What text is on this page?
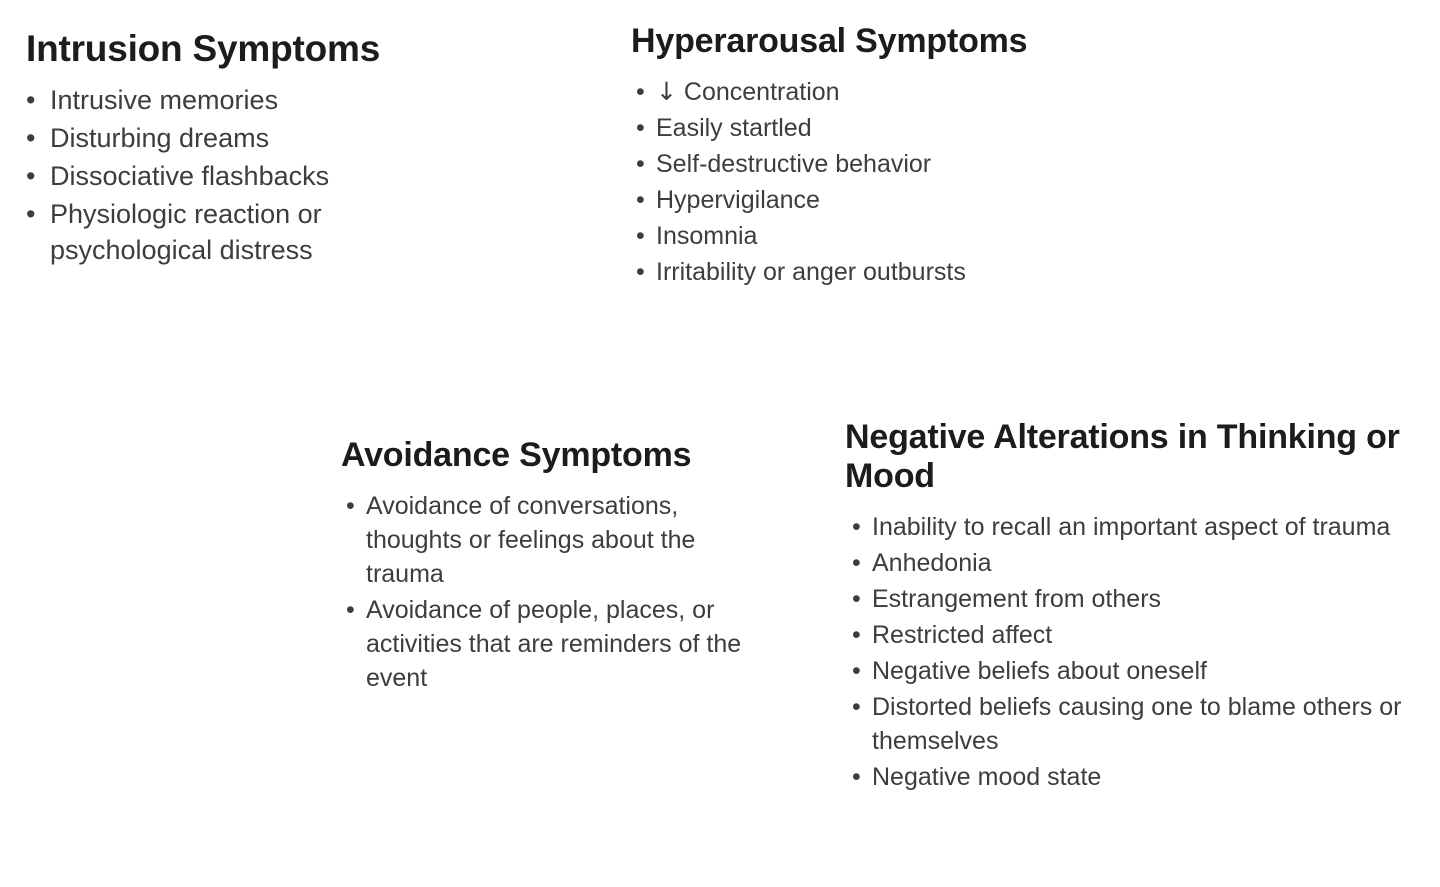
Intrusion Symptoms
• Intrusive memories
• Disturbing dreams
• Dissociative flashbacks
• Physiologic reaction or psychological distress
Hyperarousal Symptoms
• ↓ Concentration
• Easily startled
• Self-destructive behavior
• Hypervigilance
• Insomnia
• Irritability or anger outbursts
Avoidance Symptoms
• Avoidance of conversations, thoughts or feelings about the trauma
• Avoidance of people, places, or activities that are reminders of the event
Negative Alterations in Thinking or Mood
• Inability to recall an important aspect of trauma
• Anhedonia
• Estrangement from others
• Restricted affect
• Negative beliefs about oneself
• Distorted beliefs causing one to blame others or themselves
• Negative mood state
